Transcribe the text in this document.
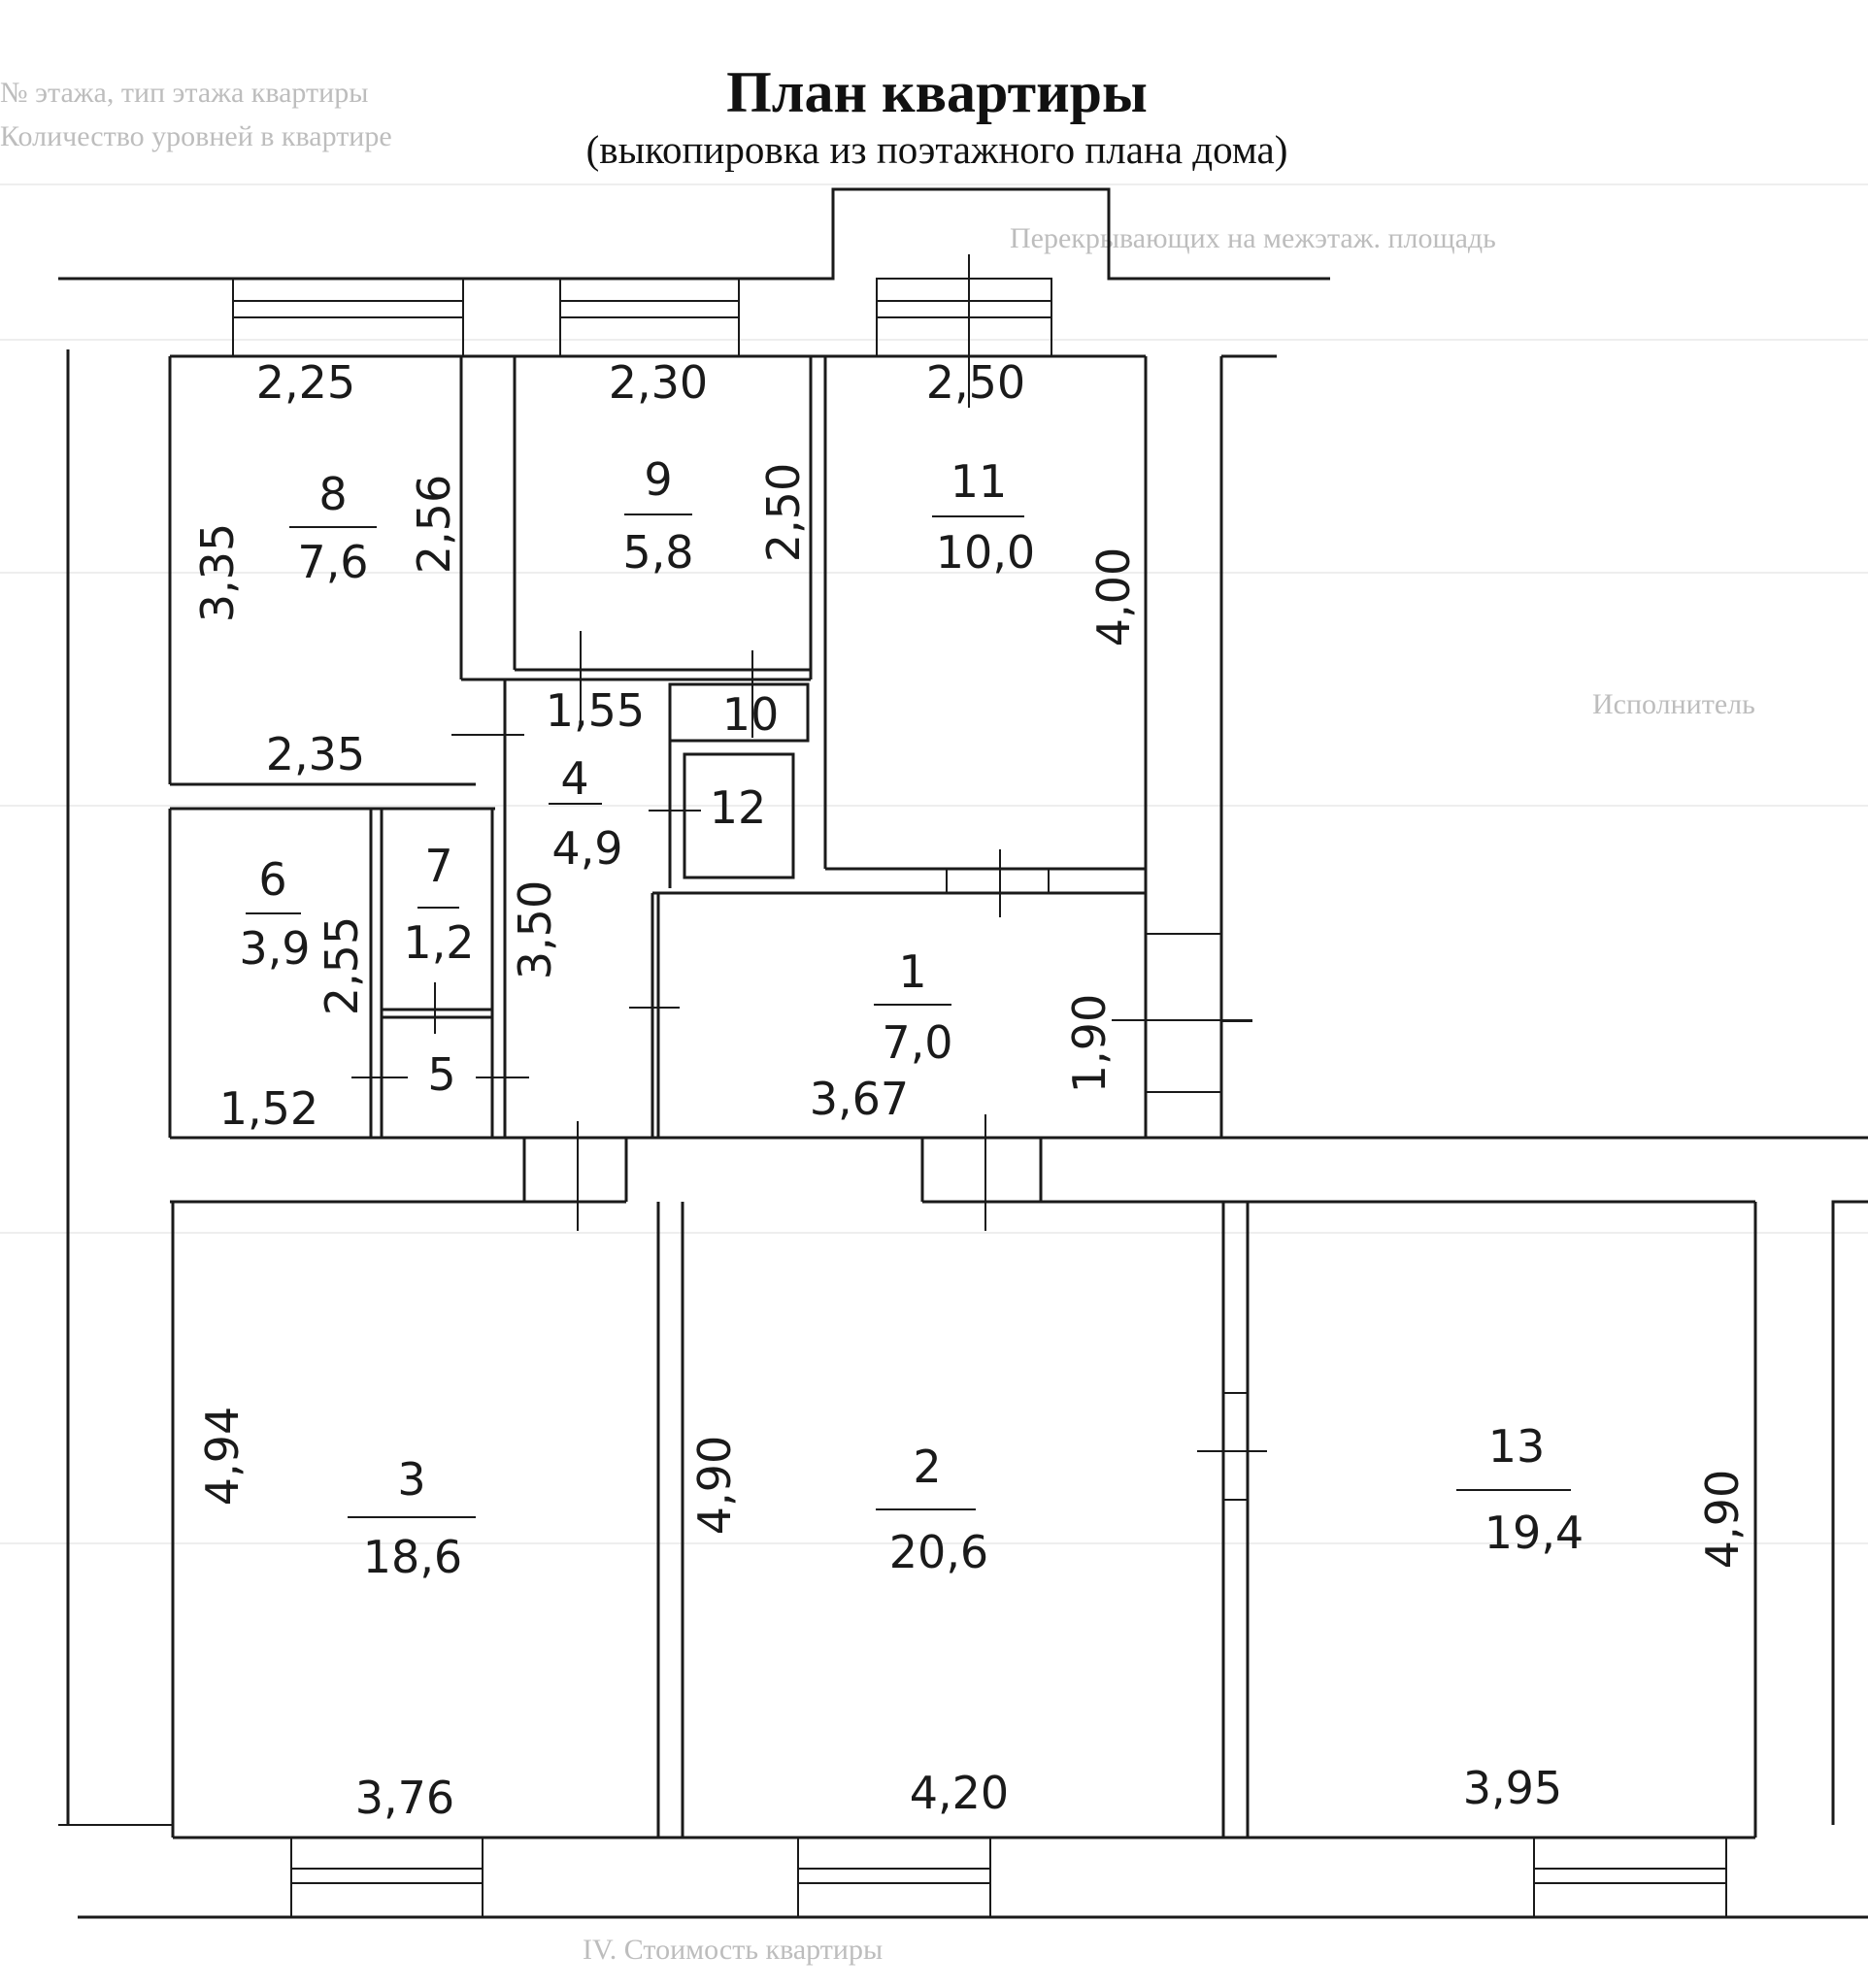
№ этажа, тип этажа квартиры
Количество уровней в квартире
Перекрывающих на межэтаж. площадь
Исполнитель
IV. Стоимость квартиры
План квартиры
(выкопировка из поэтажного плана дома)
8	9	11
6	7
4
1
3	2	13
10
12
5
7,6	5,8	10,0
3,9 1,2
4,9
7,0
18,6	20,6	19,4
2,25	2,30	2,50
1,55
2,35
1,52	3,67
3,76	4,20	3,95
3,35	2,56	2,50
4,00
2,55	3,50
1,90
4,94	4,90	4,90
